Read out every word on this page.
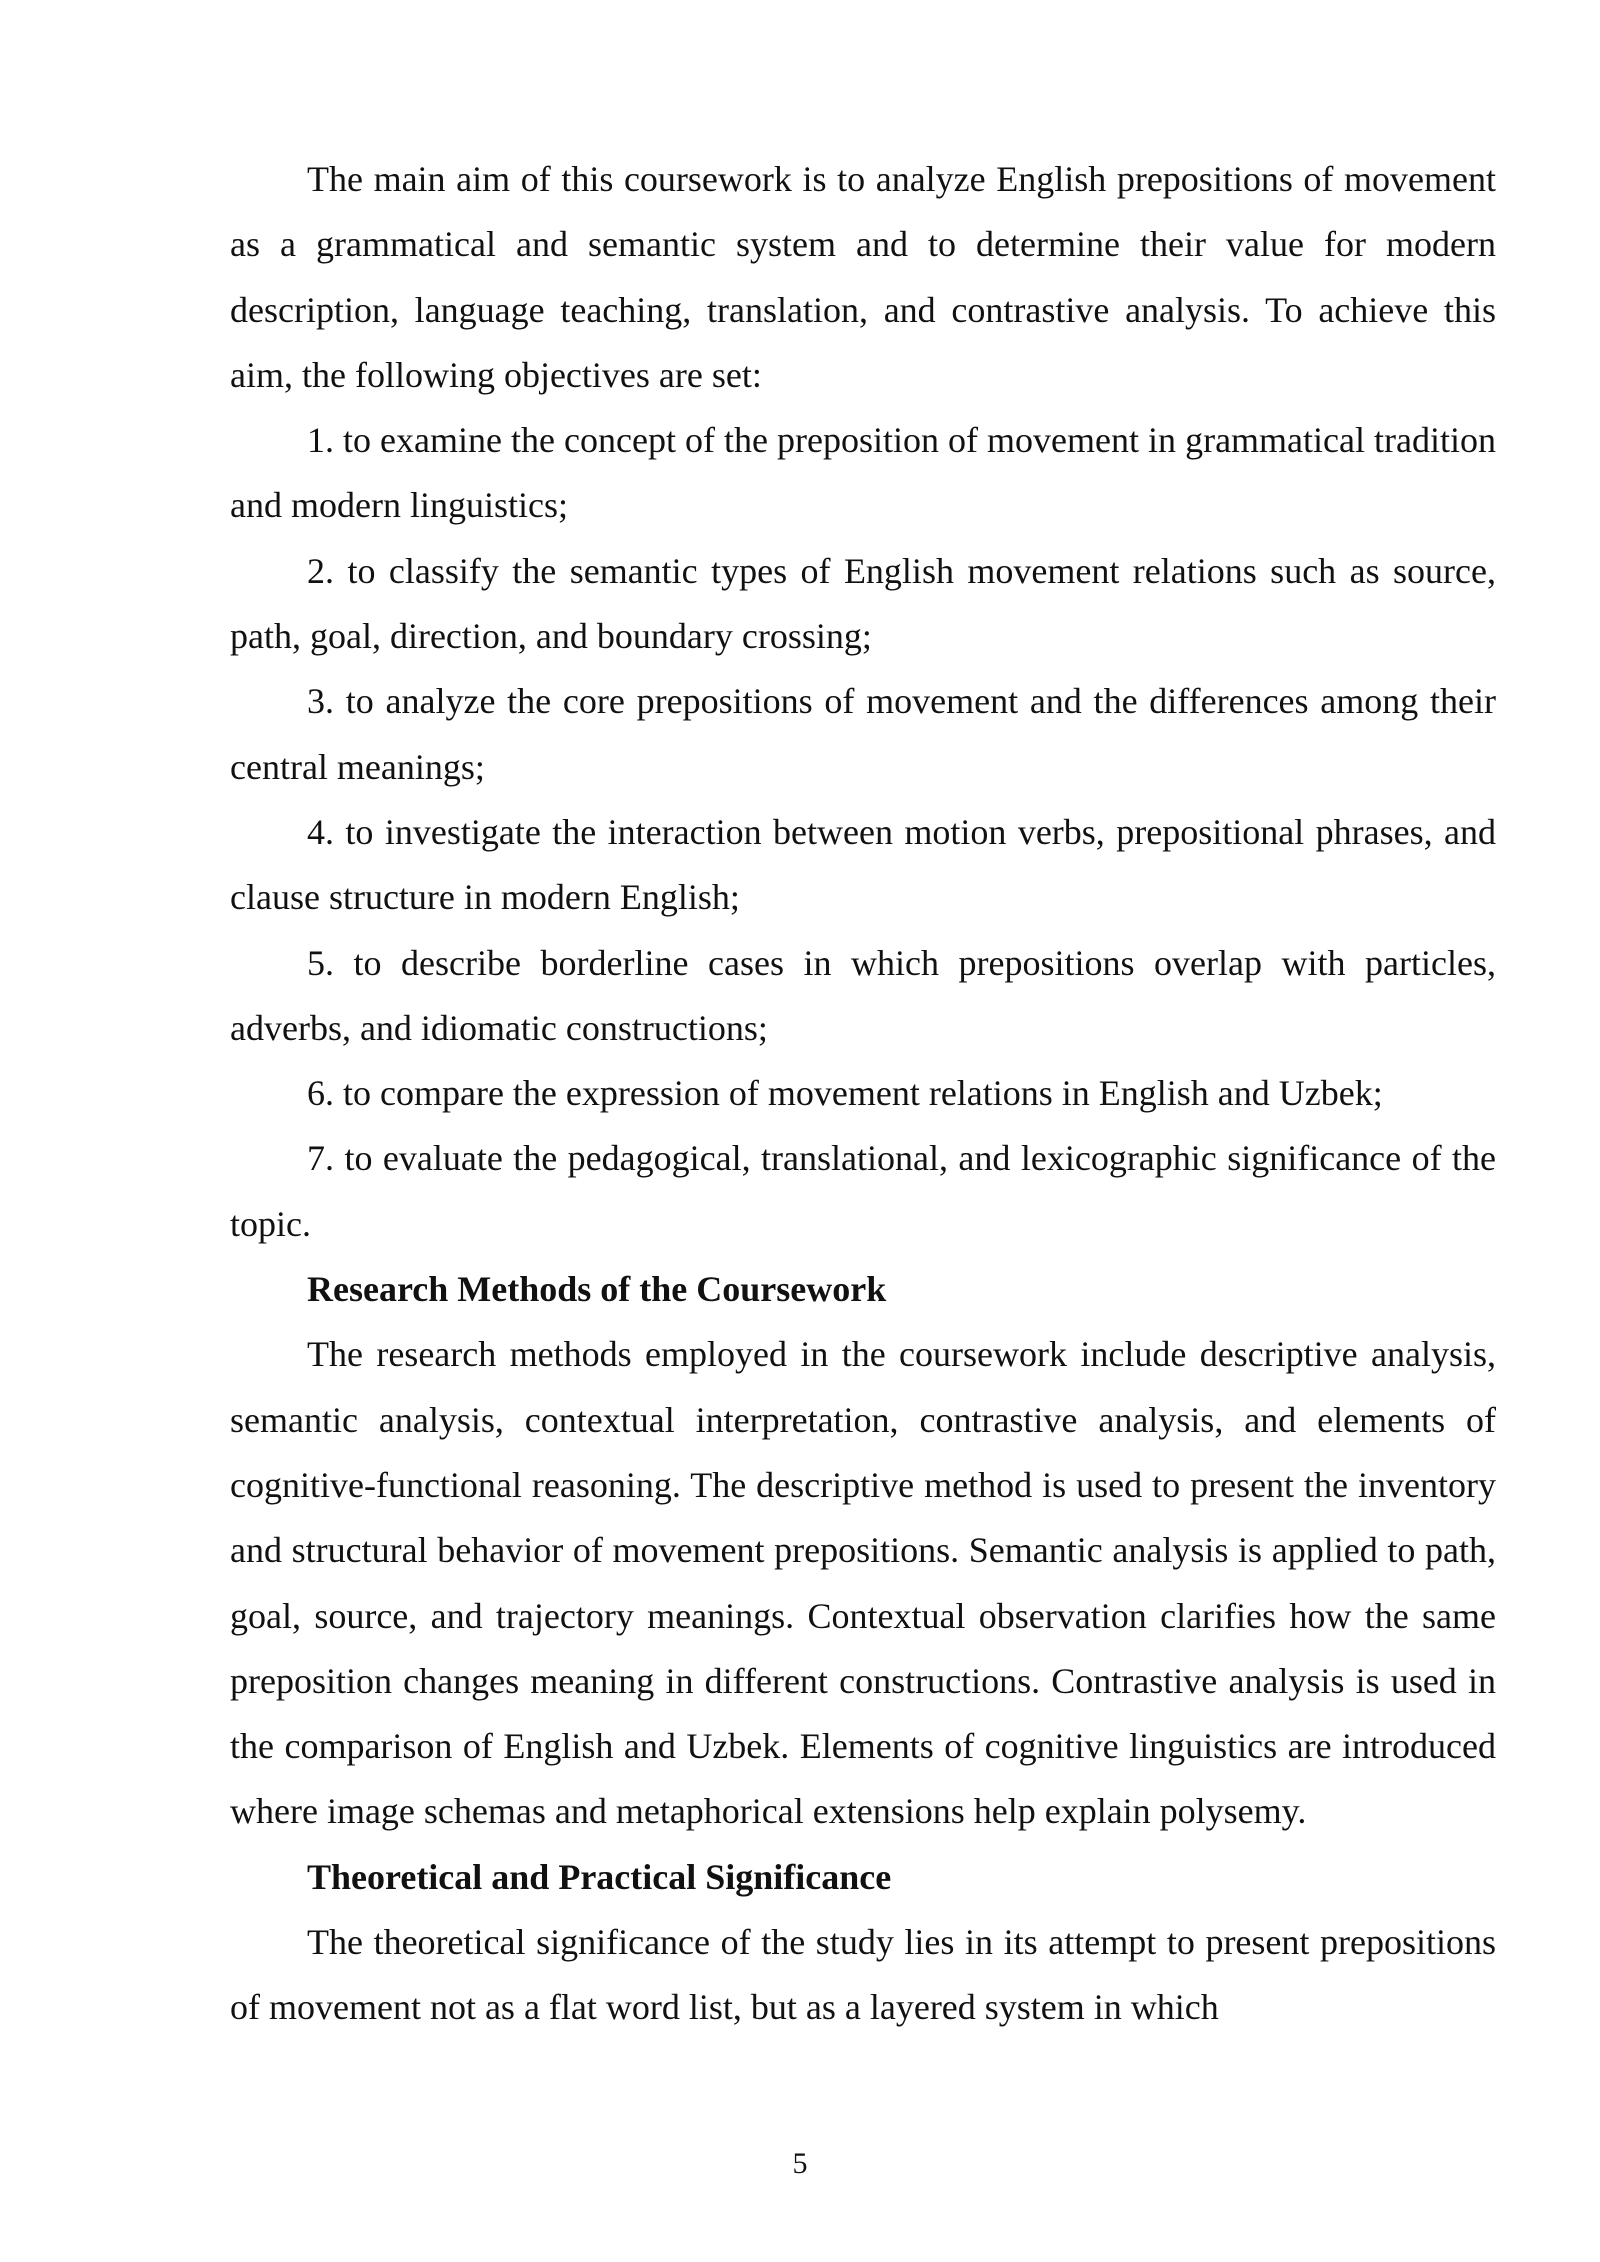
The main aim of this coursework is to analyze English prepositions of movement as a grammatical and semantic system and to determine their value for modern description, language teaching, translation, and contrastive analysis. To achieve this aim, the following objectives are set:

1. to examine the concept of the preposition of movement in grammatical tradition and modern linguistics;

2. to classify the semantic types of English movement relations such as source, path, goal, direction, and boundary crossing;

3. to analyze the core prepositions of movement and the differences among their central meanings;

4. to investigate the interaction between motion verbs, prepositional phrases, and clause structure in modern English;

5. to describe borderline cases in which prepositions overlap with particles, adverbs, and idiomatic constructions;

6. to compare the expression of movement relations in English and Uzbek;

7. to evaluate the pedagogical, translational, and lexicographic significance of the topic.

Research Methods of the Coursework

The research methods employed in the coursework include descriptive analysis, semantic analysis, contextual interpretation, contrastive analysis, and elements of cognitive-functional reasoning. The descriptive method is used to present the inventory and structural behavior of movement prepositions. Semantic analysis is applied to path, goal, source, and trajectory meanings. Contextual observation clarifies how the same preposition changes meaning in different constructions. Contrastive analysis is used in the comparison of English and Uzbek. Elements of cognitive linguistics are introduced where image schemas and metaphorical extensions help explain polysemy.

Theoretical and Practical Significance

The theoretical significance of the study lies in its attempt to present prepositions of movement not as a flat word list, but as a layered system in which

5
